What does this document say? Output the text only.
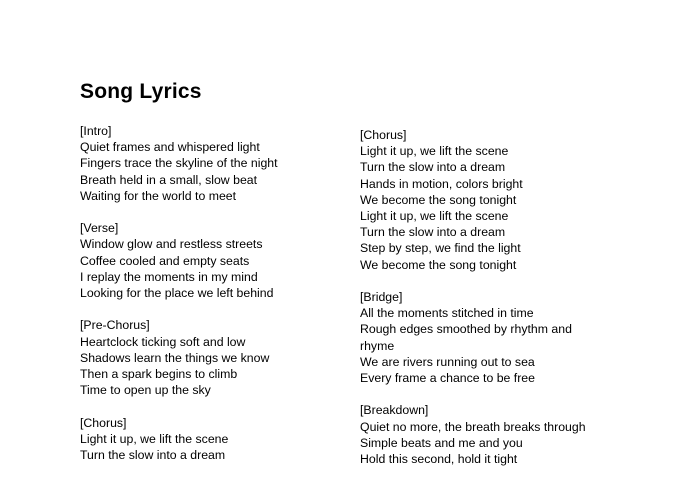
Song Lyrics
[Intro]
Quiet frames and whispered light
Fingers trace the skyline of the night
Breath held in a small, slow beat
Waiting for the world to meet
[Verse]
Window glow and restless streets
Coffee cooled and empty seats
I replay the moments in my mind
Looking for the place we left behind
[Pre-Chorus]
Heartclock ticking soft and low
Shadows learn the things we know
Then a spark begins to climb
Time to open up the sky
[Chorus]
Light it up, we lift the scene
Turn the slow into a dream
[Chorus]
Light it up, we lift the scene
Turn the slow into a dream
Hands in motion, colors bright
We become the song tonight
Light it up, we lift the scene
Turn the slow into a dream
Step by step, we find the light
We become the song tonight
[Bridge]
All the moments stitched in time
Rough edges smoothed by rhythm and rhyme
We are rivers running out to sea
Every frame a chance to be free
[Breakdown]
Quiet no more, the breath breaks through
Simple beats and me and you
Hold this second, hold it tight
